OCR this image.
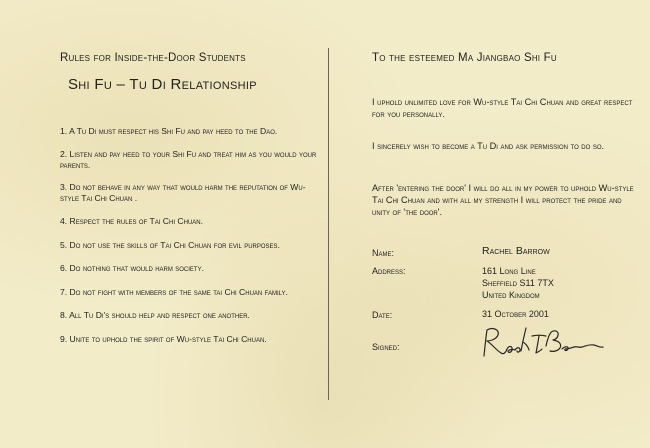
Rules for Inside-the-Door Students
Shi Fu – Tu Di Relationship
1. A Tu Di must respect his Shi Fu and pay heed to the Dao.
2. Listen and pay heed to your Shi Fu and treat him as you would your parents.
3. Do not behave in any way that would harm the reputation of Wu-style Tai Chi Chuan .
4. Respect the rules of Tai Chi Chuan.
5. Do not use the skills of Tai Chi Chuan for evil purposes.
6. Do nothing that would harm society.
7. Do not fight with members of the same tai Chi Chuan family.
8. All Tu Di's should help and respect one another.
9. Unite to uphold the spirit of Wu-style Tai Chi Chuan.
To the esteemed Ma Jiangbao Shi Fu
I uphold unlimited love for Wu-style Tai Chi Chuan and great respect for you personally.
I sincerely wish to become a Tu Di and ask permission to do so.
After 'entering the door' I will do all in my power to uphold Wu-style Tai Chi Chuan and with all my strength I will protect the pride and unity of 'the door'.
Name:	Rachel Barrow
Address:	161 Long Line
Sheffield S11 7TX
United Kingdom
Date:	31 October 2001
Signed:
